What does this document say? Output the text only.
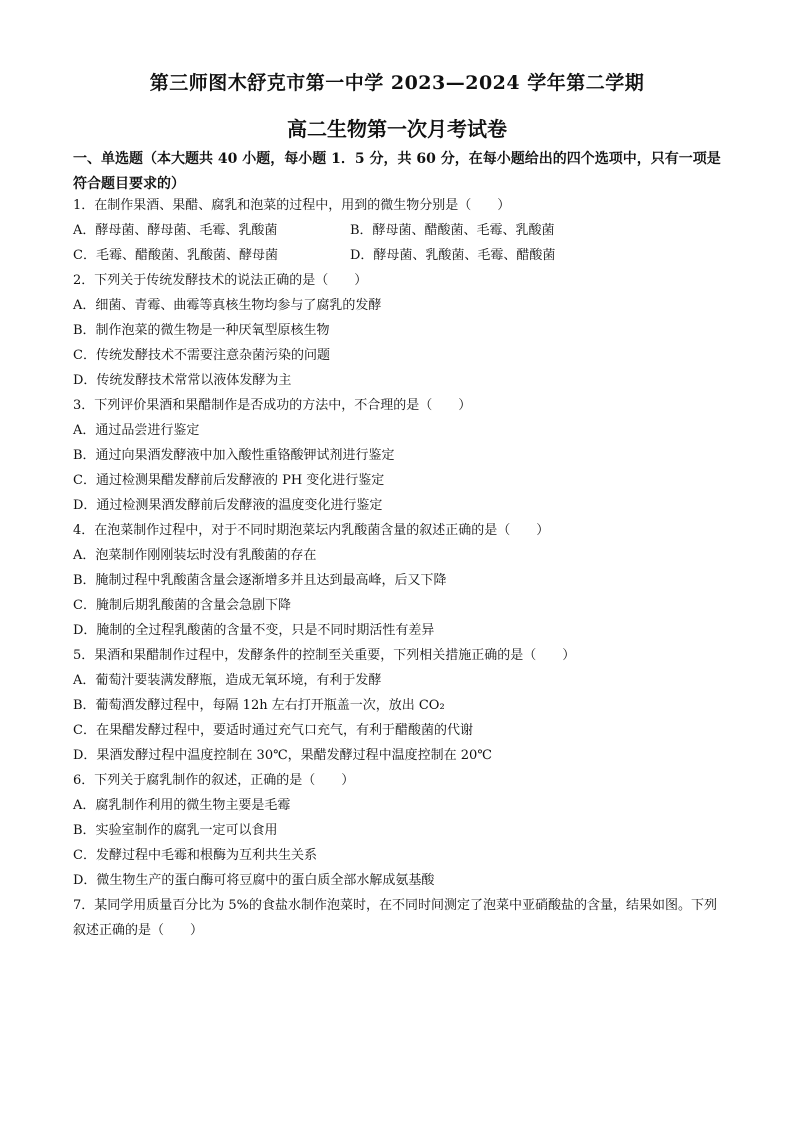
第三师图木舒克市第一中学 2023—2024 学年第二学期
高二生物第一次月考试卷
一、单选题（本大题共 40 小题，每小题 1．5 分，共 60 分，在每小题给出的四个选项中，只有一项是符合题目要求的）
1．在制作果酒、果醋、腐乳和泡菜的过程中，用到的微生物分别是（　　）
A．酵母菌、酵母菌、毛霉、乳酸菌	B．酵母菌、醋酸菌、毛霉、乳酸菌
C．毛霉、醋酸菌、乳酸菌、酵母菌	D．酵母菌、乳酸菌、毛霉、醋酸菌
2．下列关于传统发酵技术的说法正确的是（　　）
A．细菌、青霉、曲霉等真核生物均参与了腐乳的发酵
B．制作泡菜的微生物是一种厌氧型原核生物
C．传统发酵技术不需要注意杂菌污染的问题
D．传统发酵技术常常以液体发酵为主
3．下列评价果酒和果醋制作是否成功的方法中，不合理的是（　　）
A．通过品尝进行鉴定
B．通过向果酒发酵液中加入酸性重铬酸钾试剂进行鉴定
C．通过检测果醋发酵前后发酵液的 PH 变化进行鉴定
D．通过检测果酒发酵前后发酵液的温度变化进行鉴定
4．在泡菜制作过程中，对于不同时期泡菜坛内乳酸菌含量的叙述正确的是（　　）
A．泡菜制作刚刚装坛时没有乳酸菌的存在
B．腌制过程中乳酸菌含量会逐渐增多并且达到最高峰，后又下降
C．腌制后期乳酸菌的含量会急剧下降
D．腌制的全过程乳酸菌的含量不变，只是不同时期活性有差异
5．果酒和果醋制作过程中，发酵条件的控制至关重要，下列相关措施正确的是（　　）
A．葡萄汁要装满发酵瓶，造成无氧环境，有利于发酵
B．葡萄酒发酵过程中，每隔 12h 左右打开瓶盖一次，放出 CO₂
C．在果醋发酵过程中，要适时通过充气口充气，有利于醋酸菌的代谢
D．果酒发酵过程中温度控制在 30℃，果醋发酵过程中温度控制在 20℃
6．下列关于腐乳制作的叙述，正确的是（　　）
A．腐乳制作利用的微生物主要是毛霉
B．实验室制作的腐乳一定可以食用
C．发酵过程中毛霉和根酶为互利共生关系
D．微生物生产的蛋白酶可将豆腐中的蛋白质全部水解成氨基酸
7．某同学用质量百分比为 5%的食盐水制作泡菜时，在不同时间测定了泡菜中亚硝酸盐的含量，结果如图。下列叙述正确的是（　　）
